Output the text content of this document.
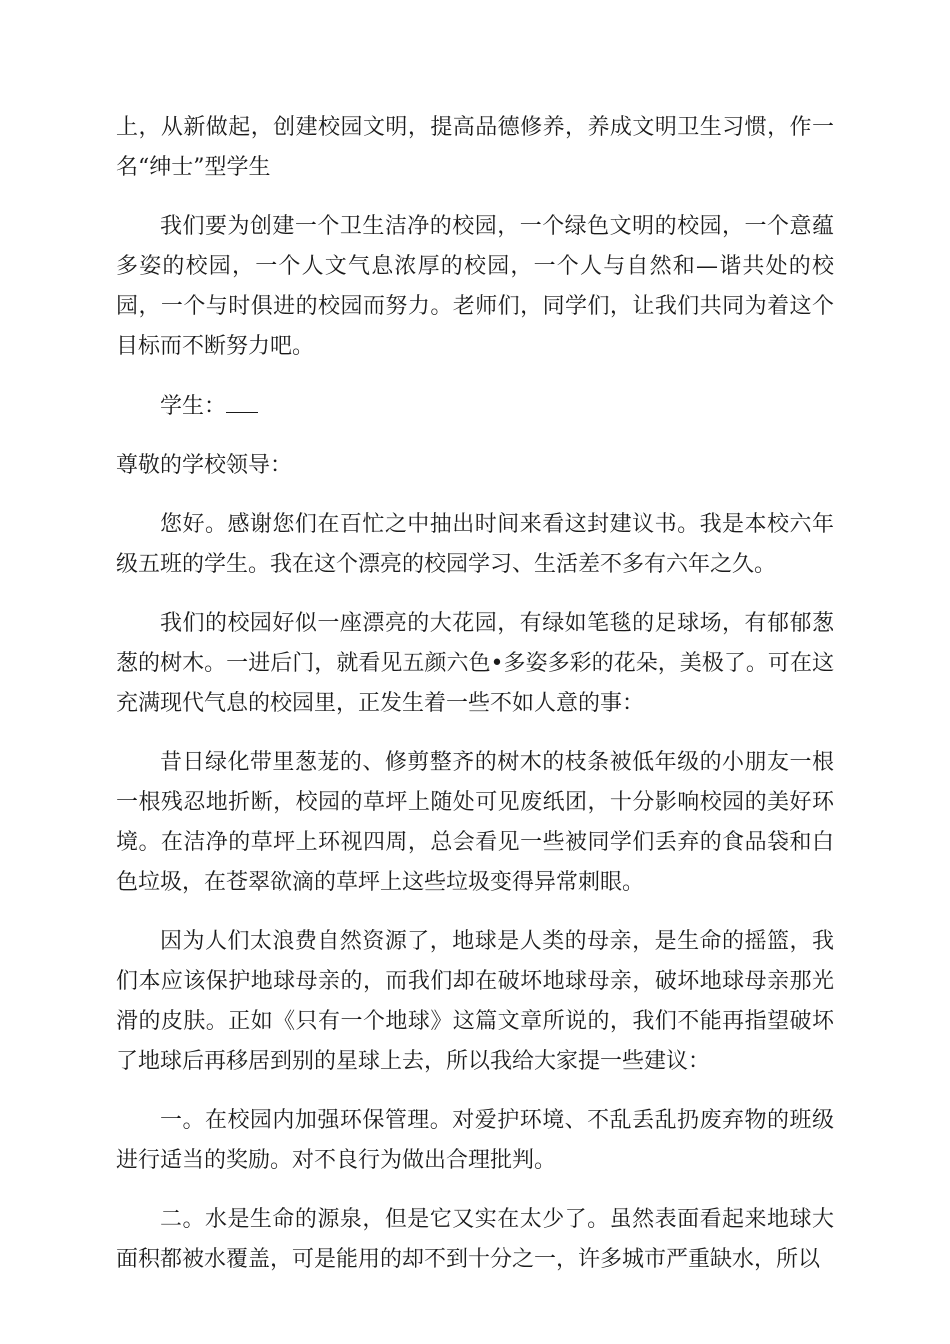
上，从新做起，创建校园文明，提高品德修养，养成文明卫生习惯，作一名“绅士”型学生

我们要为创建一个卫生洁净的校园，一个绿色文明的校园，一个意蕴多姿的校园，一个人文气息浓厚的校园，一个人与自然和—谐共处的校园，一个与时俱进的校园而努力。老师们，同学们，让我们共同为着这个目标而不断努力吧。

学生：

尊敬的学校领导：

您好。感谢您们在百忙之中抽出时间来看这封建议书。我是本校六年级五班的学生。我在这个漂亮的校园学习、生活差不多有六年之久。

我们的校园好似一座漂亮的大花园，有绿如笔毯的足球场，有郁郁葱葱的树木。一进后门，就看见五颜六色•多姿多彩的花朵，美极了。可在这充满现代气息的校园里，正发生着一些不如人意的事：

昔日绿化带里葱茏的、修剪整齐的树木的枝条被低年级的小朋友一根一根残忍地折断，校园的草坪上随处可见废纸团，十分影响校园的美好环境。在洁净的草坪上环视四周，总会看见一些被同学们丢弃的食品袋和白色垃圾，在苍翠欲滴的草坪上这些垃圾变得异常刺眼。

因为人们太浪费自然资源了，地球是人类的母亲，是生命的摇篮，我们本应该保护地球母亲的，而我们却在破坏地球母亲，破坏地球母亲那光滑的皮肤。正如《只有一个地球》这篇文章所说的，我们不能再指望破坏了地球后再移居到别的星球上去，所以我给大家提一些建议：

一。在校园内加强环保管理。对爱护环境、不乱丢乱扔废弃物的班级进行适当的奖励。对不良行为做出合理批判。

二。水是生命的源泉，但是它又实在太少了。虽然表面看起来地球大面积都被水覆盖，可是能用的却不到十分之一，许多城市严重缺水，所以
